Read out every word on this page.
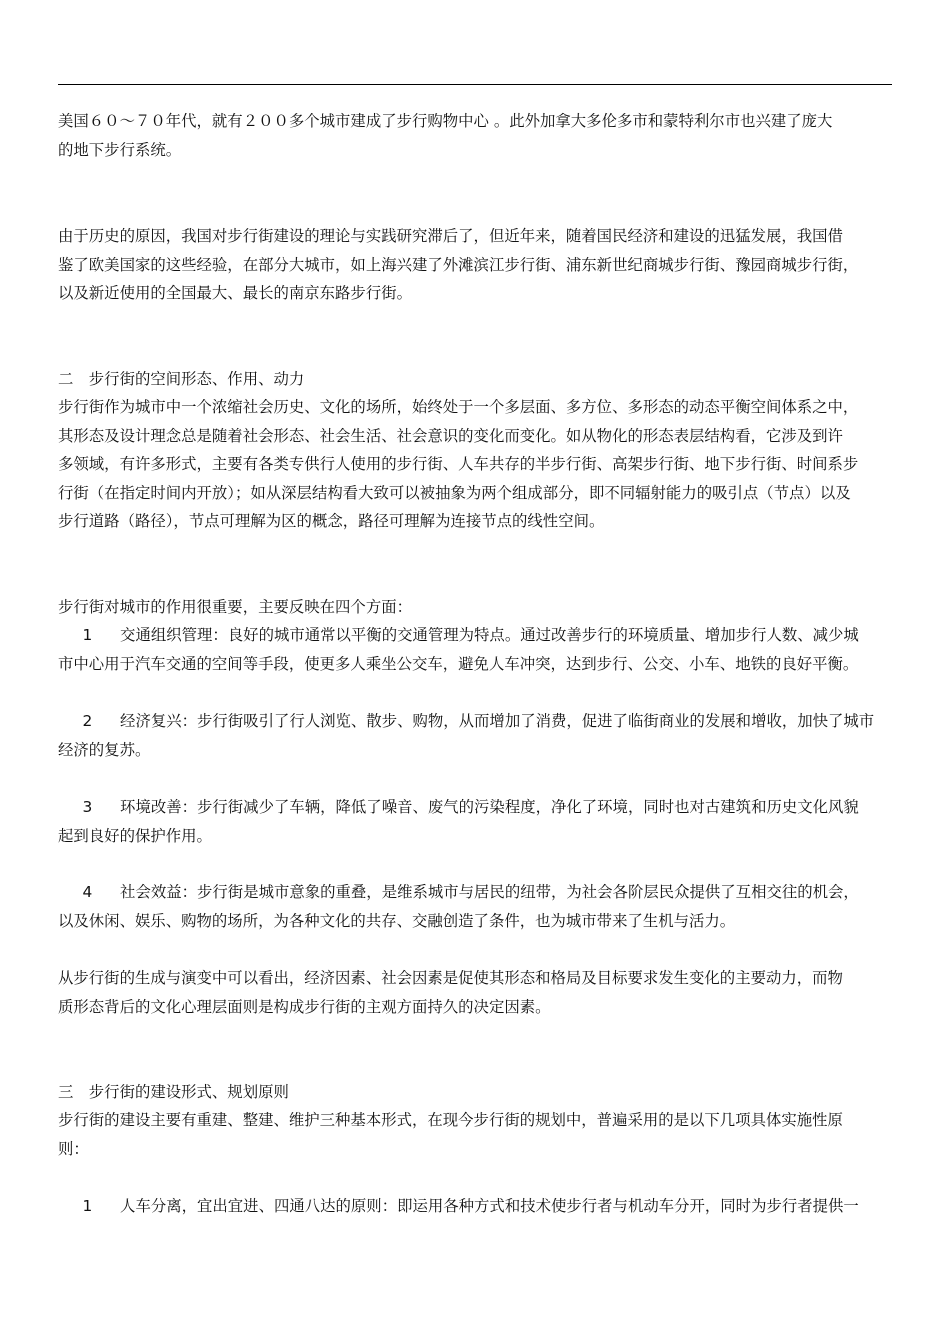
美国６０～７０年代，就有２００多个城市建成了步行购物中心 。此外加拿大多伦多市和蒙特利尔市也兴建了庞大
的地下步行系统。
由于历史的原因，我国对步行街建设的理论与实践研究滞后了，但近年来，随着国民经济和建设的迅猛发展，我国借
鉴了欧美国家的这些经验，在部分大城市，如上海兴建了外滩滨江步行街、浦东新世纪商城步行街、豫园商城步行街，
以及新近使用的全国最大、最长的南京东路步行街。
二　步行街的空间形态、作用、动力
步行街作为城市中一个浓缩社会历史、文化的场所，始终处于一个多层面、多方位、多形态的动态平衡空间体系之中，
其形态及设计理念总是随着社会形态、社会生活、社会意识的变化而变化。如从物化的形态表层结构看，它涉及到许
多领域，有许多形式，主要有各类专供行人使用的步行街、人车共存的半步行街、高架步行街、地下步行街、时间系步
行街（在指定时间内开放）；如从深层结构看大致可以被抽象为两个组成部分，即不同辐射能力的吸引点（节点）以及
步行道路（路径），节点可理解为区的概念，路径可理解为连接节点的线性空间。
步行街对城市的作用很重要，主要反映在四个方面：
1 交通组织管理：良好的城市通常以平衡的交通管理为特点。通过改善步行的环境质量、增加步行人数、减少城
市中心用于汽车交通的空间等手段，使更多人乘坐公交车，避免人车冲突，达到步行、公交、小车、地铁的良好平衡。
2 经济复兴：步行街吸引了行人浏览、散步、购物，从而增加了消费，促进了临街商业的发展和增收，加快了城市
经济的复苏。
3 环境改善：步行街减少了车辆，降低了噪音、废气的污染程度，净化了环境，同时也对古建筑和历史文化风貌
起到良好的保护作用。
4 社会效益：步行街是城市意象的重叠，是维系城市与居民的纽带，为社会各阶层民众提供了互相交往的机会，
以及休闲、娱乐、购物的场所，为各种文化的共存、交融创造了条件，也为城市带来了生机与活力。
从步行街的生成与演变中可以看出，经济因素、社会因素是促使其形态和格局及目标要求发生变化的主要动力，而物
质形态背后的文化心理层面则是构成步行街的主观方面持久的决定因素。
三　步行街的建设形式、规划原则
步行街的建设主要有重建、整建、维护三种基本形式，在现今步行街的规划中，普遍采用的是以下几项具体实施性原
则：
1 人车分离，宜出宜进、四通八达的原则：即运用各种方式和技术使步行者与机动车分开，同时为步行者提供一
